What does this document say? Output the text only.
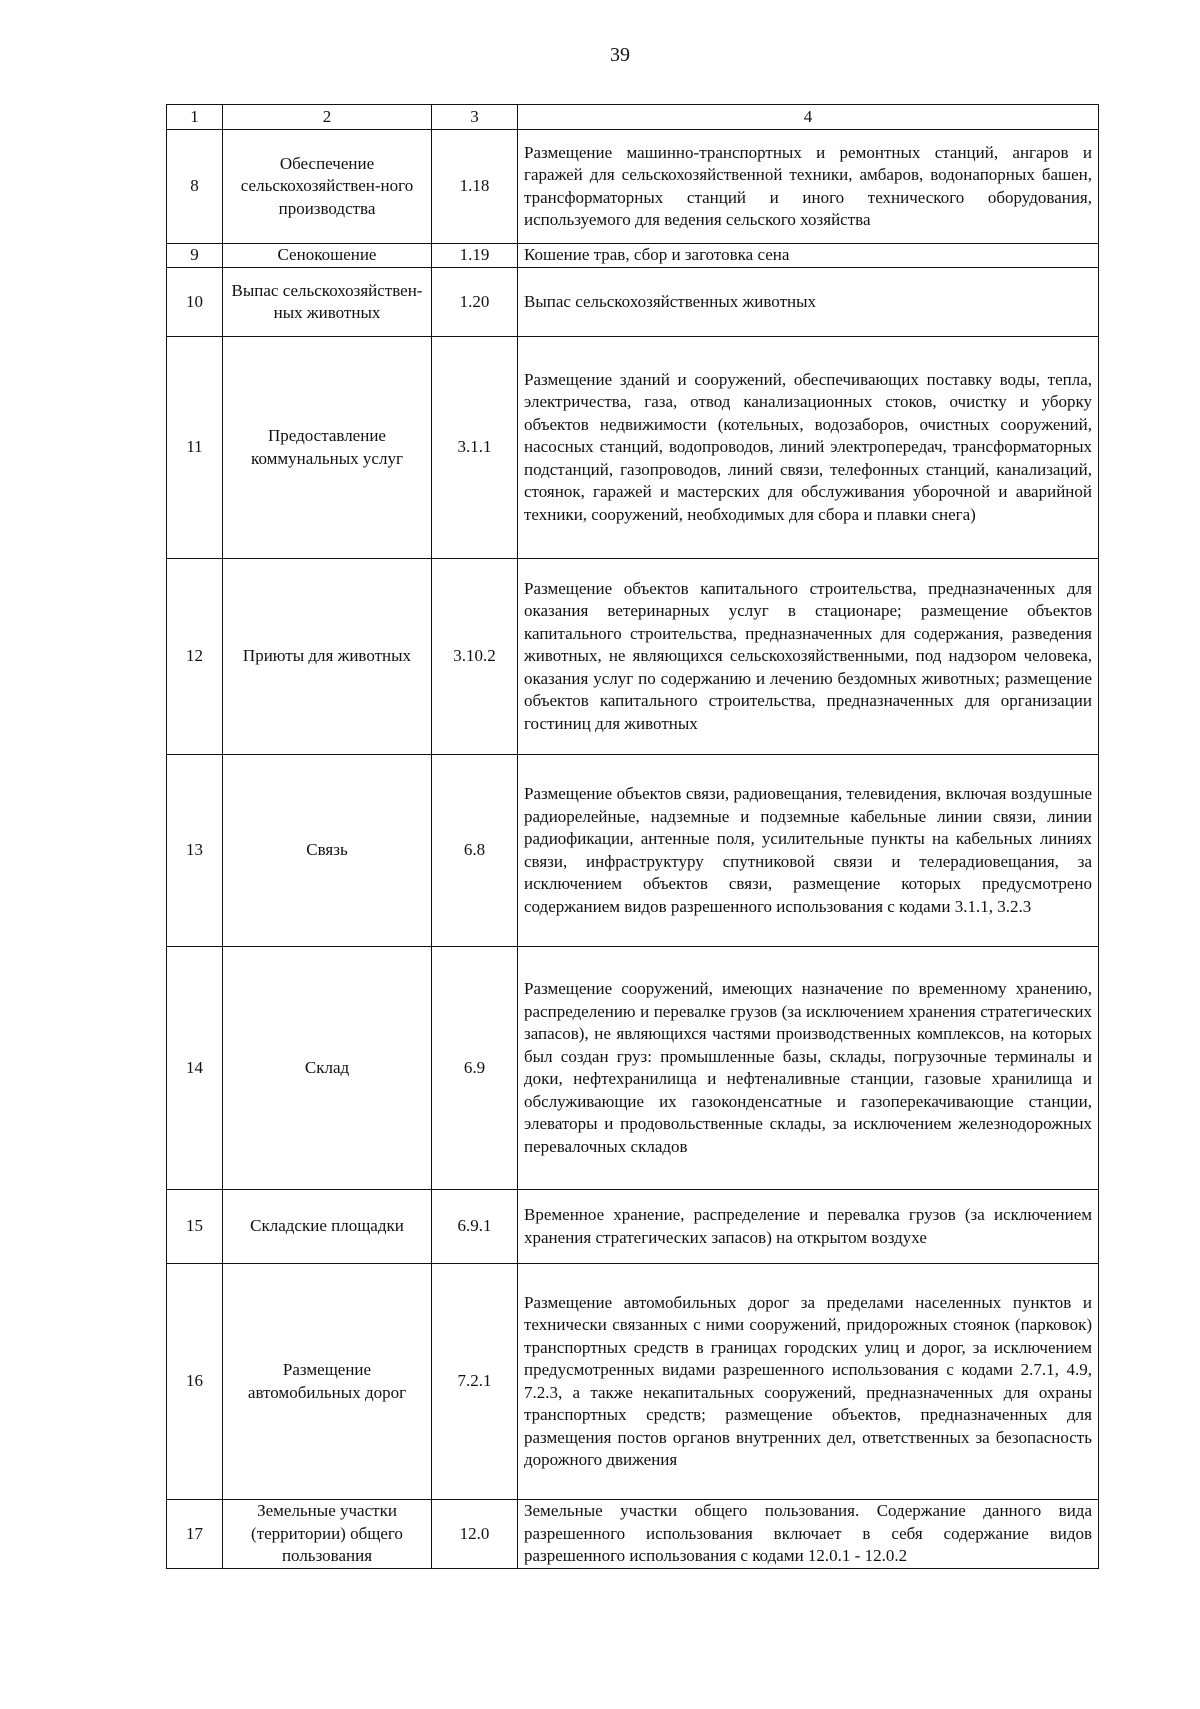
39
1	2	3	4
8	Обеспечение сельскохозяйствен-ного производства	1.18	Размещение машинно-транспортных и ремонтных станций, ангаров и гаражей для сельскохозяйственной техники, амбаров, водонапорных башен, трансформаторных станций и иного технического оборудования, используемого для ведения сельского хозяйства
9	Сенокошение	1.19	Кошение трав, сбор и заготовка сена
10	Выпас сельскохозяйствен-ных животных	1.20	Выпас сельскохозяйственных животных
11	Предоставление коммунальных услуг	3.1.1	Размещение зданий и сооружений, обеспечивающих поставку воды, тепла, электричества, газа, отвод канализационных стоков, очистку и уборку объектов недвижимости (котельных, водозаборов, очистных сооружений, насосных станций, водопроводов, линий электропередач, трансформаторных подстанций, газопроводов, линий связи, телефонных станций, канализаций, стоянок, гаражей и мастерских для обслуживания уборочной и аварийной техники, сооружений, необходимых для сбора и плавки снега)
12	Приюты для животных	3.10.2	Размещение объектов капитального строительства, предназначенных для оказания ветеринарных услуг в стационаре; размещение объектов капитального строительства, предназначенных для содержания, разведения животных, не являющихся сельскохозяйственными, под надзором человека, оказания услуг по содержанию и лечению бездомных животных; размещение объектов капитального строительства, предназначенных для организации гостиниц для животных
13	Связь	6.8	Размещение объектов связи, радиовещания, телевидения, включая воздушные радиорелейные, надземные и подземные кабельные линии связи, линии радиофикации, антенные поля, усилительные пункты на кабельных линиях связи, инфраструктуру спутниковой связи и телерадиовещания, за исключением объектов связи, размещение которых предусмотрено содержанием видов разрешенного использования с кодами 3.1.1, 3.2.3
14	Склад	6.9	Размещение сооружений, имеющих назначение по временному хранению, распределению и перевалке грузов (за исключением хранения стратегических запасов), не являющихся частями производственных комплексов, на которых был создан груз: промышленные базы, склады, погрузочные терминалы и доки, нефтехранилища и нефтеналивные станции, газовые хранилища и обслуживающие их газоконденсатные и газоперекачивающие станции, элеваторы и продовольственные склады, за исключением железнодорожных перевалочных складов
15	Складские площадки	6.9.1	Временное хранение, распределение и перевалка грузов (за исключением хранения стратегических запасов) на открытом воздухе
16	Размещение автомобильных дорог	7.2.1	Размещение автомобильных дорог за пределами населенных пунктов и технически связанных с ними сооружений, придорожных стоянок (парковок) транспортных средств в границах городских улиц и дорог, за исключением предусмотренных видами разрешенного использования с кодами 2.7.1, 4.9, 7.2.3, а также некапитальных сооружений, предназначенных для охраны транспортных средств; размещение объектов, предназначенных для размещения постов органов внутренних дел, ответственных за безопасность дорожного движения
17	Земельные участки (территории) общего пользования	12.0	Земельные участки общего пользования. Содержание данного вида разрешенного использования включает в себя содержание видов разрешенного использования с кодами 12.0.1 - 12.0.2
